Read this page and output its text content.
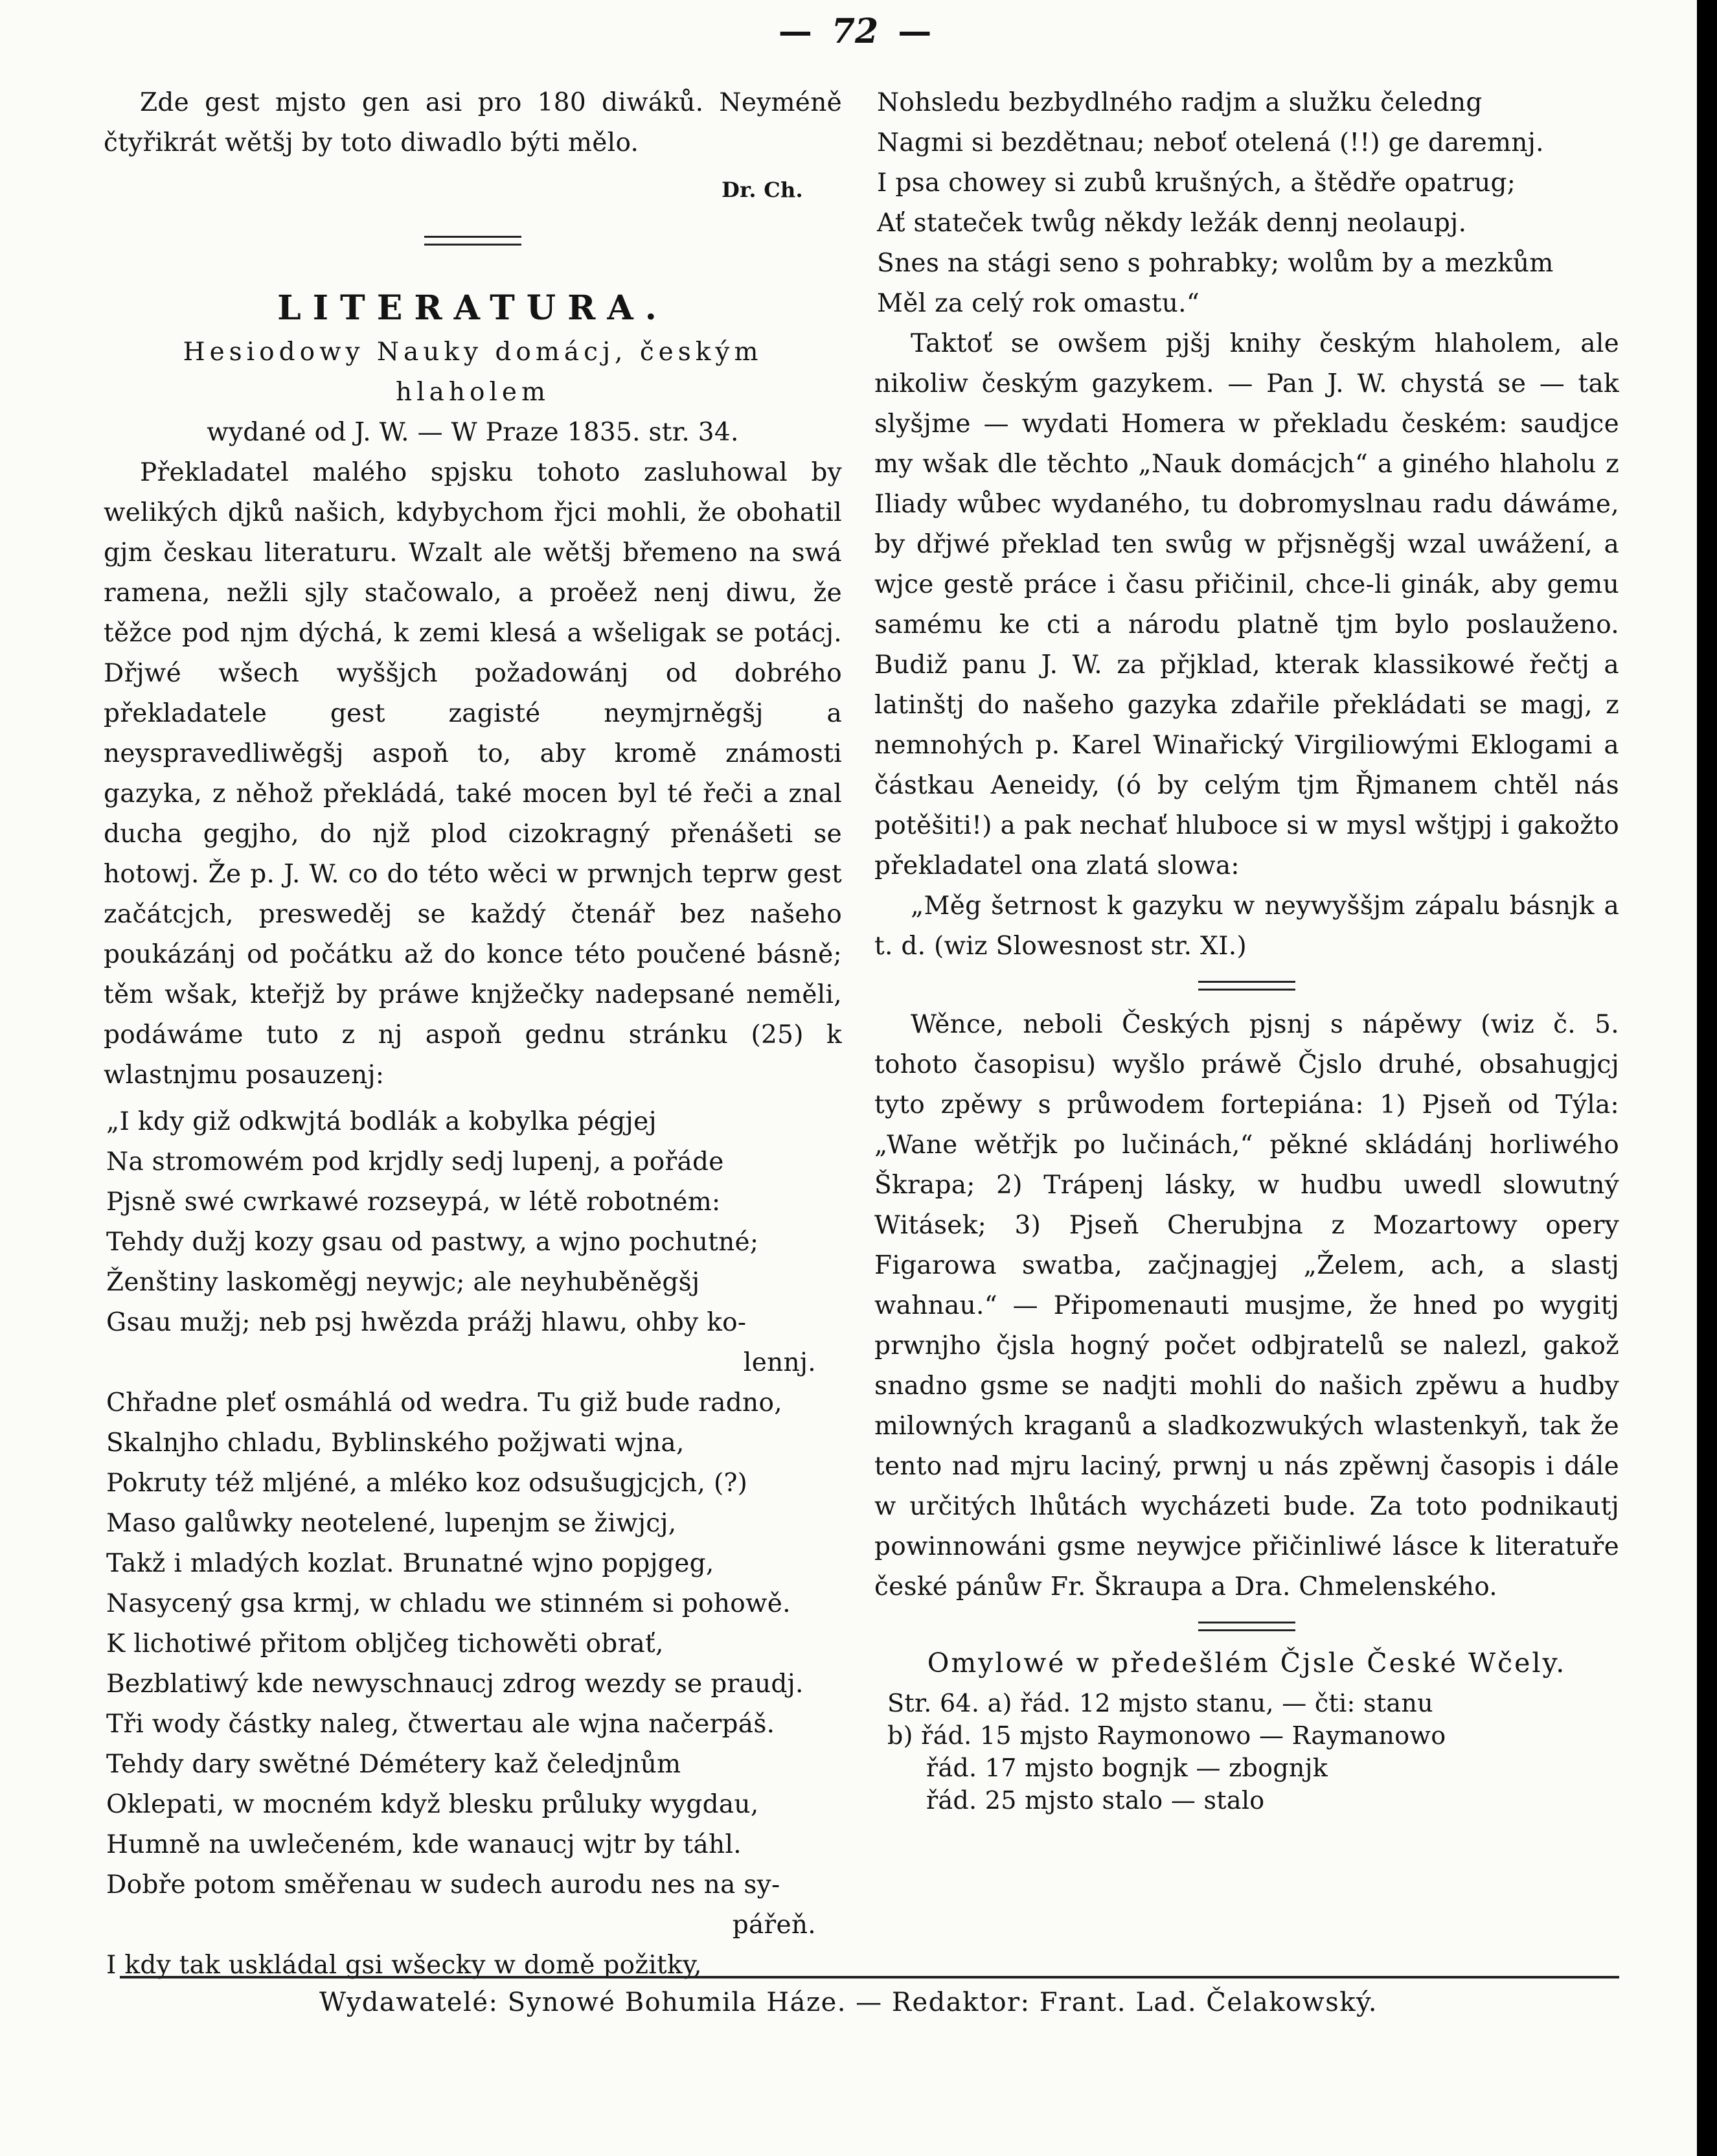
— 72 —

Zde gest mjsto gen asi pro 180 diwáků. Neyméně čtyřikrát wětšj by toto diwadlo býti mělo.

Dr. Ch.

LITERATURA.

Hesiodowy Nauky domácj, českým hlaholem

wydané od J. W. — W Praze 1835. str. 34.

Překladatel malého spjsku tohoto zasluhowal by welikých djků našich, kdybychom řjci mohli, že obohatil gjm českau literaturu. Wzalt ale wětšj břemeno na swá ramena, nežli sjly stačowalo, a proěež nenj diwu, že těžce pod njm dýchá, k zemi klesá a wšeligak se potácj. Dřjwé wšech wyššjch požadowánj od dobrého překladatele gest zagisté neymjrněgšj a neyspravedliwěgšj aspoň to, aby kromě známosti gazyka, z něhož překládá, také mocen byl té řeči a znal ducha gegjho, do njž plod cizokragný přenášeti se hotowj. Že p. J. W. co do této wěci w prwnjch teprw gest začátcjch, presweděj se každý čtenář bez našeho poukázánj od počátku až do konce této poučené básně; těm wšak, kteřjž by práwe knjžečky nadepsané neměli, podáwáme tuto z nj aspoň gednu stránku (25) k wlastnjmu posauzenj:

„I kdy giž odkwjtá bodlák a kobylka pégjej
Na stromowém pod krjdly sedj lupenj, a pořáde
Pjsně swé cwrkawé rozseypá, w létě robotném:
Tehdy dužj kozy gsau od pastwy, a wjno pochutné;
Ženštiny laskoměgj neywjc; ale neyhuběněgšj
Gsau mužj; neb psj hwězda prážj hlawu, ohby ko-
lennj.
Chřadne pleť osmáhlá od wedra. Tu giž bude radno,
Skalnjho chladu, Byblinského požjwati wjna,
Pokruty též mljéné, a mléko koz odsušugjcjch, (?)
Maso galůwky neotelené, lupenjm se žiwjcj,
Takž i mladých kozlat. Brunatné wjno popjgeg,
Nasycený gsa krmj, w chladu we stinném si pohowě.
K lichotiwé přitom obljčeg tichowěti obrať,
Bezblatiwý kde newyschnaucj zdrog wezdy se praudj.
Tři wody částky naleg, čtwertau ale wjna načerpáš.
Tehdy dary swětné Démétery kaž čeledjnům
Oklepati, w mocném když blesku průluky wygdau,
Humně na uwlečeném, kde wanaucj wjtr by táhl.
Dobře potom směřenau w sudech aurodu nes na sy-
pářeň.
I kdy tak uskládal gsi wšecky w domě požitky,
Nohsledu bezbydlného radjm a služku čeledng
Nagmi si bezdětnau; neboť otelená (!!) ge daremnj.
I psa chowey si zubů krušných, a štědře opatrug;
Ať stateček twůg někdy ležák dennj neolaupj.
Snes na stági seno s pohrabky; wolům by a mezkům
Měl za celý rok omastu.“

Taktoť se owšem pjšj knihy českým hlaholem, ale nikoliw českým gazykem. — Pan J. W. chystá se — tak slyšjme — wydati Homera w překladu českém: saudjce my wšak dle těchto „Nauk domácjch“ a giného hlaholu z Iliady wůbec wydaného, tu dobromyslnau radu dáwáme, by dřjwé překlad ten swůg w přjsněgšj wzal uwážení, a wjce gestě práce i času přičinil, chce-li ginák, aby gemu samému ke cti a národu platně tjm bylo poslauženo. Budiž panu J. W. za přjklad, kterak klassikowé řečtj a latinštj do našeho gazyka zdařile překládati se magj, z nemnohých p. Karel Winařický Virgiliowými Eklogami a částkau Aeneidy, (ó by celým tjm Řjmanem chtěl nás potěšiti!) a pak nechať hluboce si w mysl wštjpj i gakožto překladatel ona zlatá slowa:

„Měg šetrnost k gazyku w neywyššjm zápalu básnjk a t. d. (wiz Slowesnost str. XI.)

Wěnce, neboli Českých pjsnj s nápěwy (wiz č. 5. tohoto časopisu) wyšlo práwě Čjslo druhé, obsahugjcj tyto zpěwy s průwodem fortepiána: 1) Pjseň od Týla: „Wane wětřjk po lučinách,“ pěkné skládánj horliwého Škrapa; 2) Trápenj lásky, w hudbu uwedl slowutný Witásek; 3) Pjseň Cherubjna z Mozartowy opery Figarowa swatba, začjnagjej „Želem, ach, a slastj wahnau.“ — Připomenauti musjme, že hned po wygitj prwnjho čjsla hogný počet odbjratelů se nalezl, gakož snadno gsme se nadjti mohli do našich zpěwu a hudby milowných kraganů a sladkozwukých wlastenkyň, tak že tento nad mjru laciný, prwnj u nás zpěwnj časopis i dále w určitých lhůtách wycházeti bude. Za toto podnikautj powinnowáni gsme neywjce přičinliwé lásce k literatuře české pánůw Fr. Škraupa a Dra. Chmelenského.

Omylowé w předešlém Čjsle České Wčely.

Str. 64. a) řád. 12 mjsto stanu, — čti: stanu
b) řád. 15 mjsto Raymonowo — Raymanowo
řád. 17 mjsto bognjk — zbognjk
řád. 25 mjsto stalo — stalo
Wydawatelé: Synowé Bohumila Háze. — Redaktor: Frant. Lad. Čelakowský.
